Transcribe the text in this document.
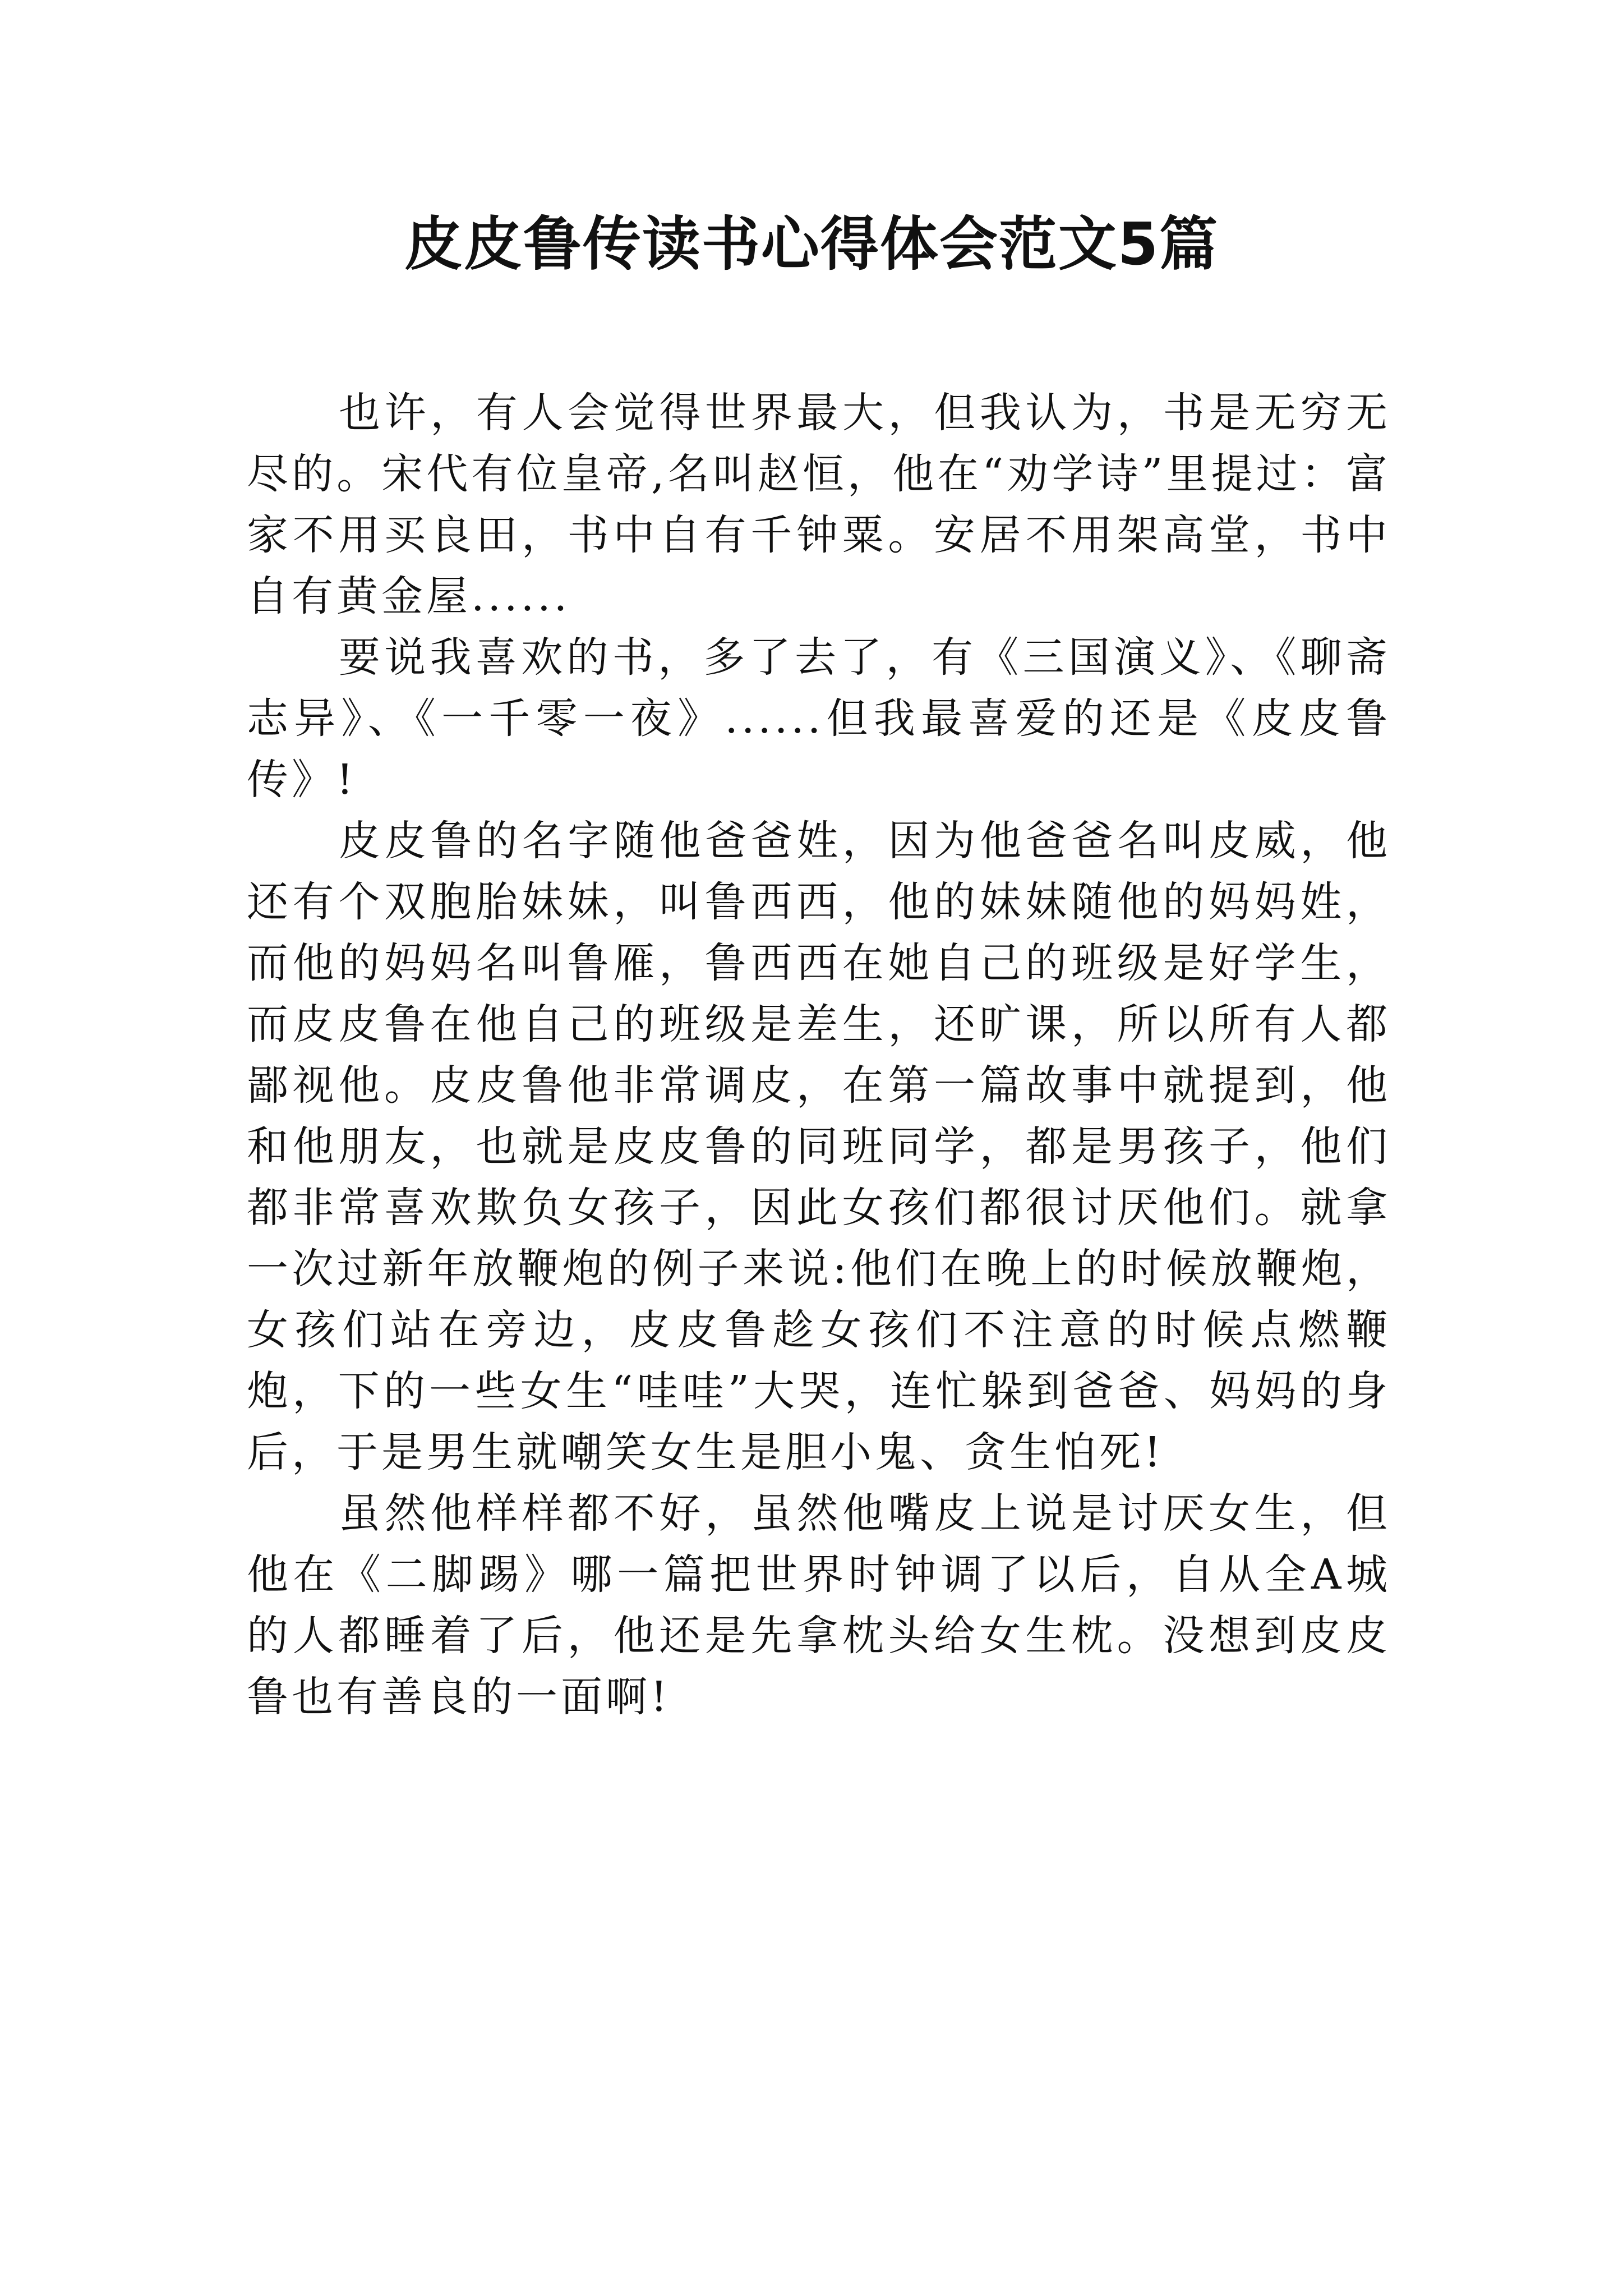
皮皮鲁传读书心得体会范文5篇

也许，有人会觉得世界最大，但我认为，书是无穷无尽的。宋代有位皇帝,名叫赵恒，他在“劝学诗”里提过：富家不用买良田，书中自有千钟粟。安居不用架高堂，书中自有黄金屋......

要说我喜欢的书，多了去了，有《三国演义》、《聊斋志异》、《一千零一夜》......但我最喜爱的还是《皮皮鲁传》!

皮皮鲁的名字随他爸爸姓，因为他爸爸名叫皮威，他还有个双胞胎妹妹，叫鲁西西，他的妹妹随他的妈妈姓，而他的妈妈名叫鲁雁，鲁西西在她自己的班级是好学生，而皮皮鲁在他自己的班级是差生，还旷课，所以所有人都鄙视他。皮皮鲁他非常调皮，在第一篇故事中就提到，他和他朋友，也就是皮皮鲁的同班同学，都是男孩子，他们都非常喜欢欺负女孩子，因此女孩们都很讨厌他们。就拿一次过新年放鞭炮的例子来说:他们在晚上的时候放鞭炮，女孩们站在旁边，皮皮鲁趁女孩们不注意的时候点燃鞭炮，下的一些女生“哇哇”大哭，连忙躲到爸爸、妈妈的身后，于是男生就嘲笑女生是胆小鬼、贪生怕死!

虽然他样样都不好，虽然他嘴皮上说是讨厌女生，但他在《二脚踢》哪一篇把世界时钟调了以后，自从全A城的人都睡着了后，他还是先拿枕头给女生枕。没想到皮皮鲁也有善良的一面啊!
